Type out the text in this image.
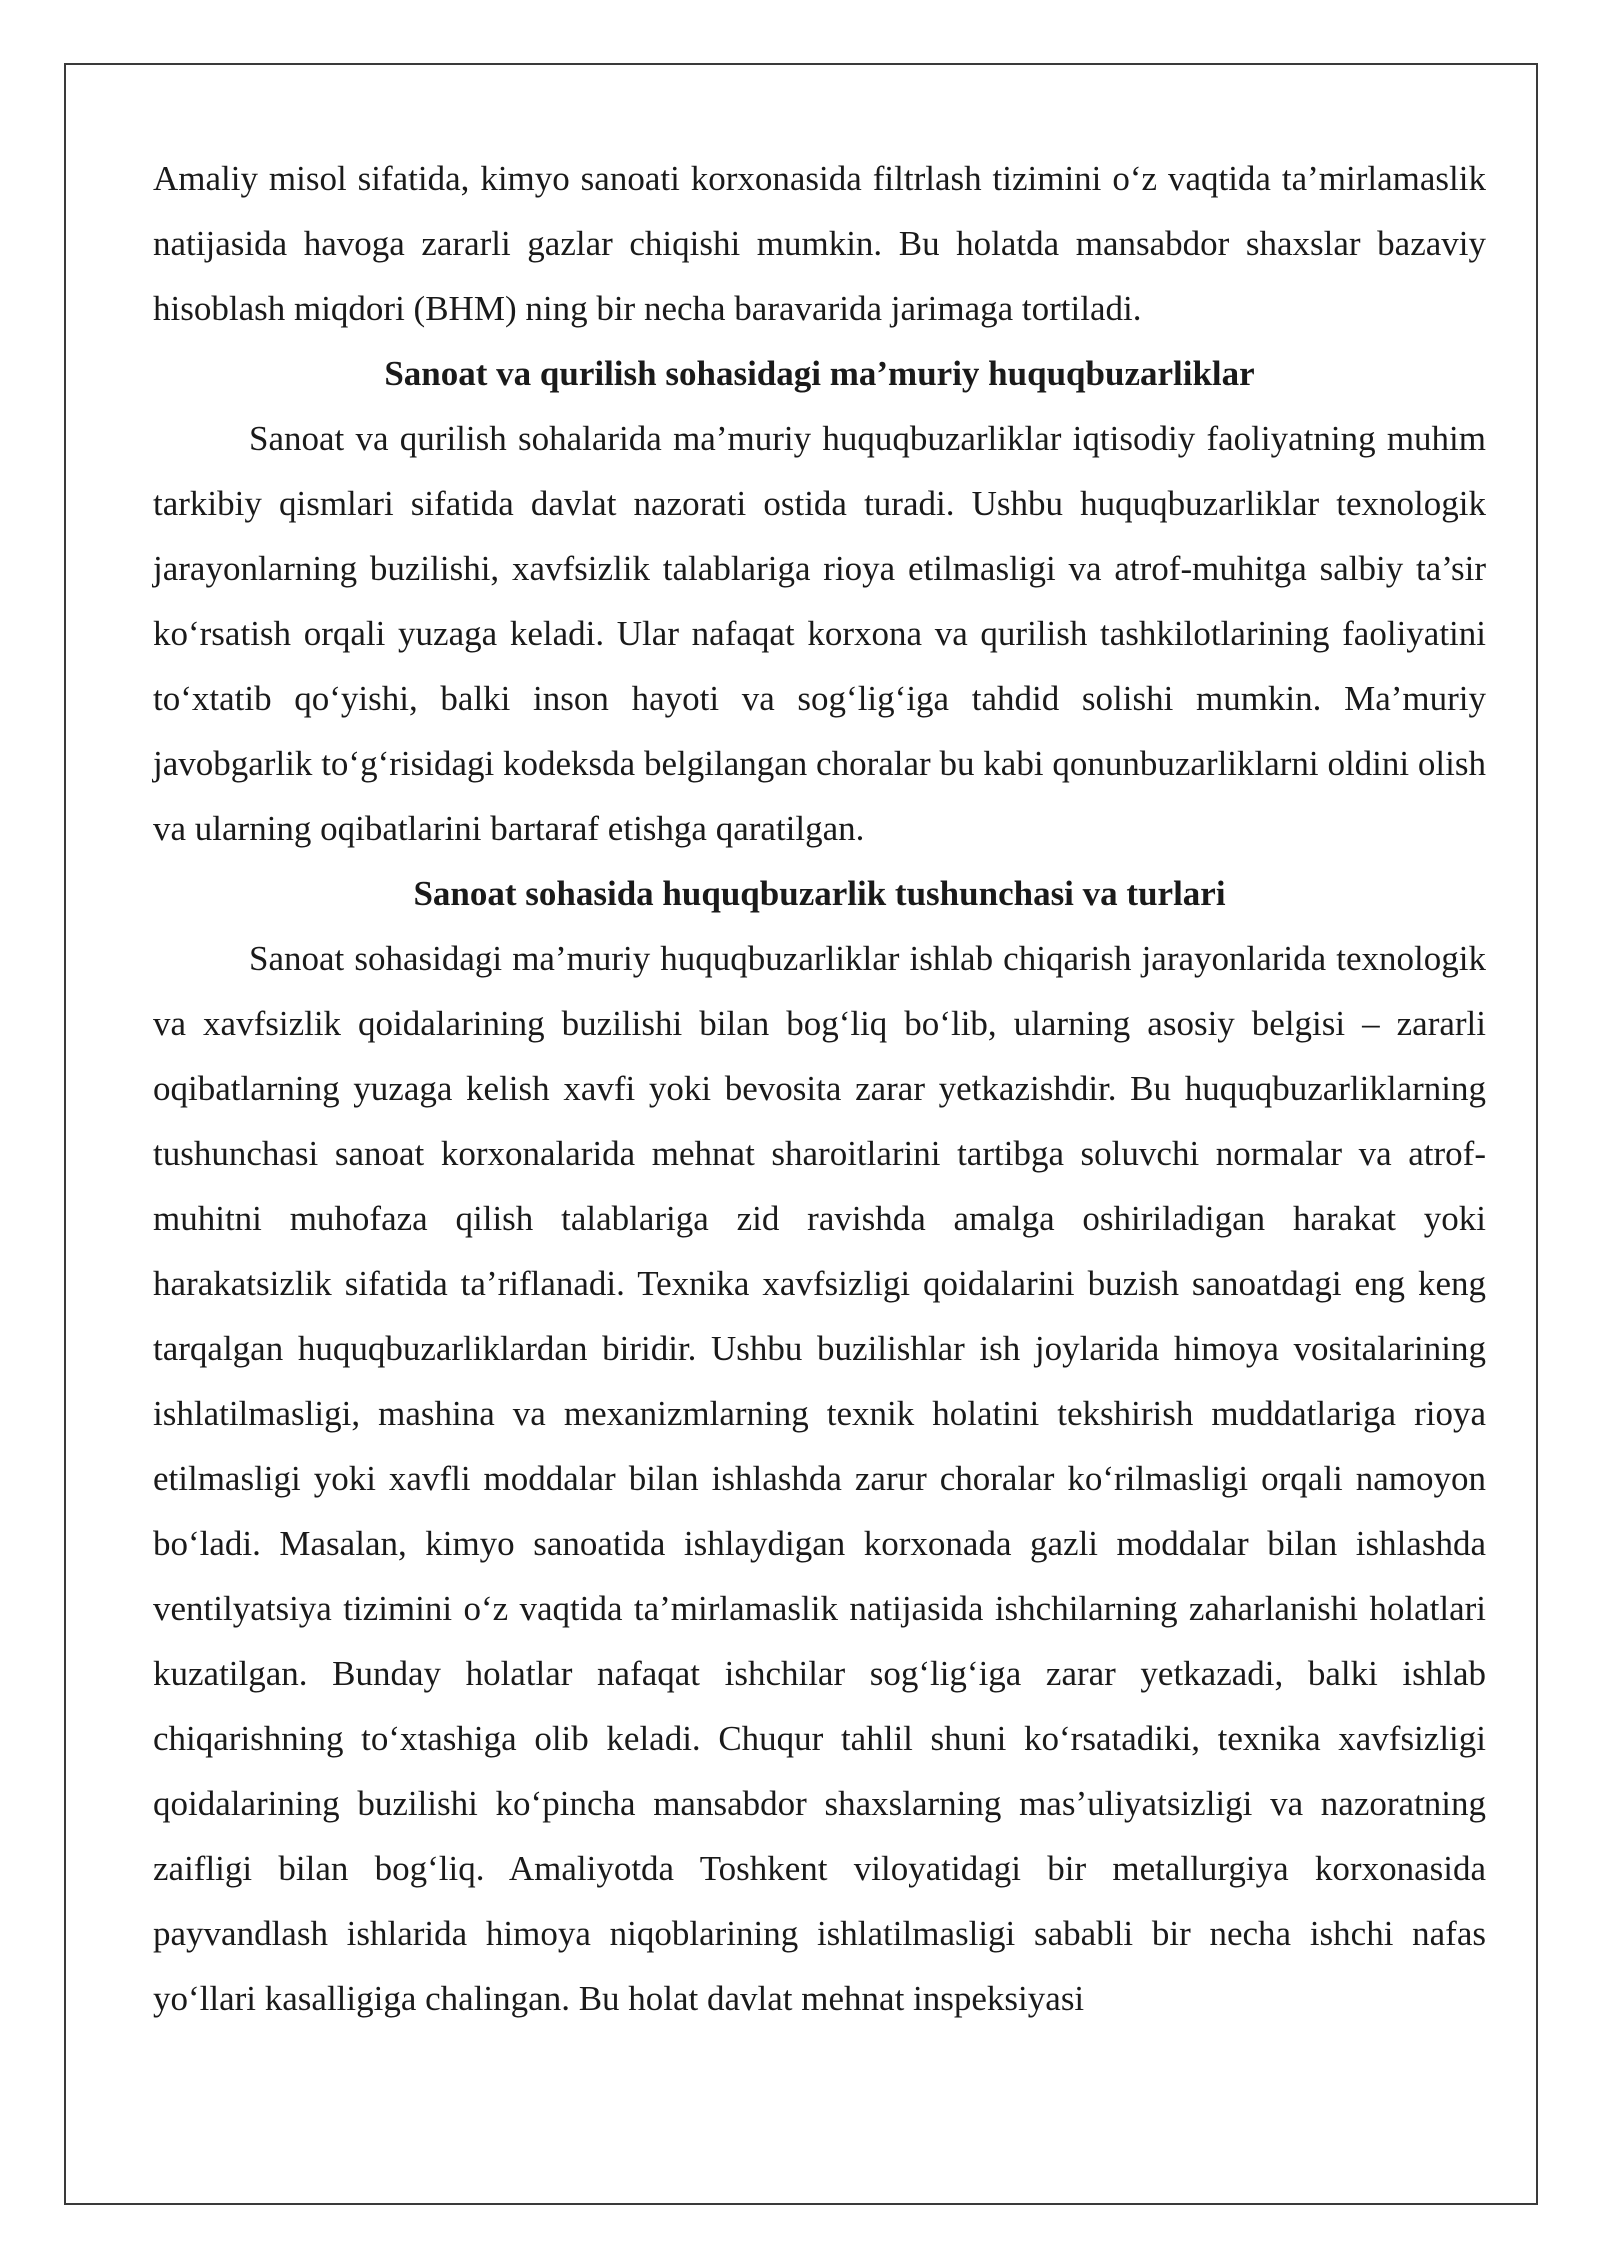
Amaliy misol sifatida, kimyo sanoati korxonasida filtrlash tizimini o‘z vaqtida ta’mirlamaslik natijasida havoga zararli gazlar chiqishi mumkin. Bu holatda mansabdor shaxslar bazaviy hisoblash miqdori (BHM) ning bir necha baravarida jarimaga tortiladi.

Sanoat va qurilish sohasidagi ma’muriy huquqbuzarliklar

Sanoat va qurilish sohalarida ma’muriy huquqbuzarliklar iqtisodiy faoliyatning muhim tarkibiy qismlari sifatida davlat nazorati ostida turadi. Ushbu huquqbuzarliklar texnologik jarayonlarning buzilishi, xavfsizlik talablariga rioya etilmasligi va atrof-muhitga salbiy ta’sir ko‘rsatish orqali yuzaga keladi. Ular nafaqat korxona va qurilish tashkilotlarining faoliyatini to‘xtatib qo‘yishi, balki inson hayoti va sog‘lig‘iga tahdid solishi mumkin. Ma’muriy javobgarlik to‘g‘risidagi kodeksda belgilangan choralar bu kabi qonunbuzarliklarni oldini olish va ularning oqibatlarini bartaraf etishga qaratilgan.

Sanoat sohasida huquqbuzarlik tushunchasi va turlari

Sanoat sohasidagi ma’muriy huquqbuzarliklar ishlab chiqarish jarayonlarida texnologik va xavfsizlik qoidalarining buzilishi bilan bog‘liq bo‘lib, ularning asosiy belgisi – zararli oqibatlarning yuzaga kelish xavfi yoki bevosita zarar yetkazishdir. Bu huquqbuzarliklarning tushunchasi sanoat korxonalarida mehnat sharoitlarini tartibga soluvchi normalar va atrof-muhitni muhofaza qilish talablariga zid ravishda amalga oshiriladigan harakat yoki harakatsizlik sifatida ta’riflanadi. Texnika xavfsizligi qoidalarini buzish sanoatdagi eng keng tarqalgan huquqbuzarliklardan biridir. Ushbu buzilishlar ish joylarida himoya vositalarining ishlatilmasligi, mashina va mexanizmlarning texnik holatini tekshirish muddatlariga rioya etilmasligi yoki xavfli moddalar bilan ishlashda zarur choralar ko‘rilmasligi orqali namoyon bo‘ladi. Masalan, kimyo sanoatida ishlaydigan korxonada gazli moddalar bilan ishlashda ventilyatsiya tizimini o‘z vaqtida ta’mirlamaslik natijasida ishchilarning zaharlanishi holatlari kuzatilgan. Bunday holatlar nafaqat ishchilar sog‘lig‘iga zarar yetkazadi, balki ishlab chiqarishning to‘xtashiga olib keladi. Chuqur tahlil shuni ko‘rsatadiki, texnika xavfsizligi qoidalarining buzilishi ko‘pincha mansabdor shaxslarning mas’uliyatsizligi va nazoratning zaifligi bilan bog‘liq. Amaliyotda Toshkent viloyatidagi bir metallurgiya korxonasida payvandlash ishlarida himoya niqoblarining ishlatilmasligi sababli bir necha ishchi nafas yo‘llari kasalligiga chalingan. Bu holat davlat mehnat inspeksiyasi
